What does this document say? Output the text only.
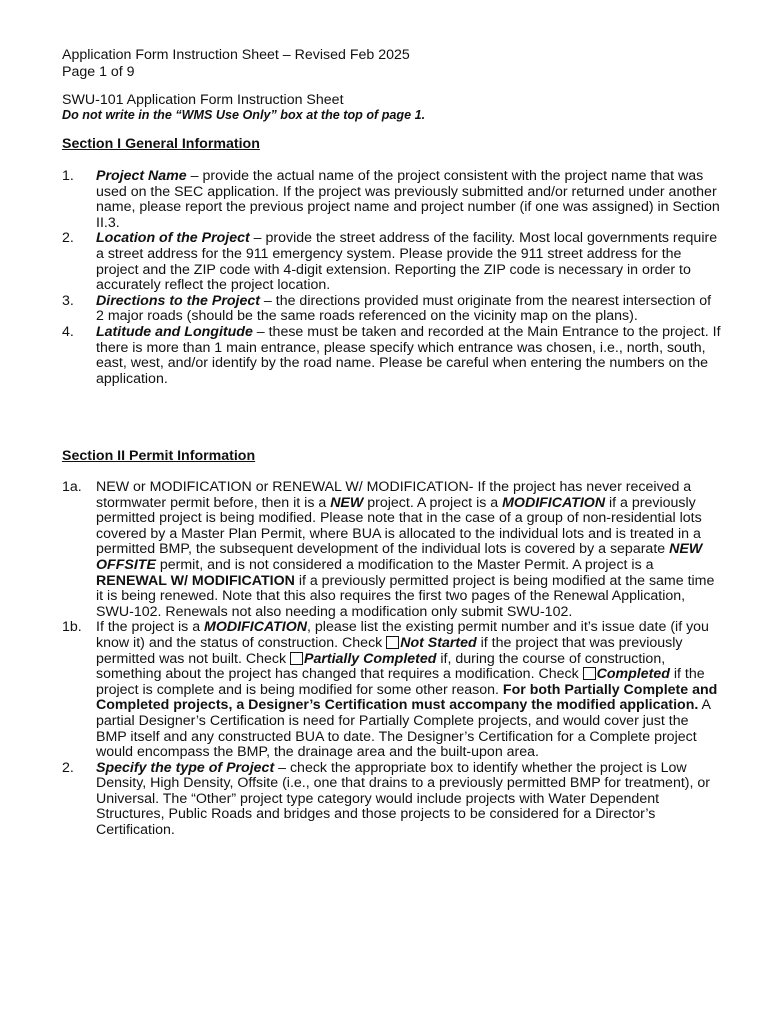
Application Form Instruction Sheet – Revised Feb 2025
Page 1 of 9
SWU-101 Application Form Instruction Sheet
Do not write in the “WMS Use Only” box at the top of page 1.
Section I General Information
1. Project Name – provide the actual name of the project consistent with the project name that was used on the SEC application. If the project was previously submitted and/or returned under another name, please report the previous project name and project number (if one was assigned) in Section II.3.
2. Location of the Project – provide the street address of the facility. Most local governments require a street address for the 911 emergency system. Please provide the 911 street address for the project and the ZIP code with 4-digit extension. Reporting the ZIP code is necessary in order to accurately reflect the project location.
3. Directions to the Project – the directions provided must originate from the nearest intersection of 2 major roads (should be the same roads referenced on the vicinity map on the plans).
4. Latitude and Longitude – these must be taken and recorded at the Main Entrance to the project. If there is more than 1 main entrance, please specify which entrance was chosen, i.e., north, south, east, west, and/or identify by the road name. Please be careful when entering the numbers on the application.
Section II Permit Information
1a. NEW or MODIFICATION or RENEWAL W/ MODIFICATION- If the project has never received a stormwater permit before, then it is a NEW project. A project is a MODIFICATION if a previously permitted project is being modified. Please note that in the case of a group of non-residential lots covered by a Master Plan Permit, where BUA is allocated to the individual lots and is treated in a permitted BMP, the subsequent development of the individual lots is covered by a separate NEW OFFSITE permit, and is not considered a modification to the Master Permit. A project is a RENEWAL W/ MODIFICATION if a previously permitted project is being modified at the same time it is being renewed. Note that this also requires the first two pages of the Renewal Application, SWU-102. Renewals not also needing a modification only submit SWU-102.
1b. If the project is a MODIFICATION, please list the existing permit number and it’s issue date (if you know it) and the status of construction. Check Not Started if the project that was previously permitted was not built. Check Partially Completed if, during the course of construction, something about the project has changed that requires a modification. Check Completed if the project is complete and is being modified for some other reason. For both Partially Complete and Completed projects, a Designer’s Certification must accompany the modified application. A partial Designer’s Certification is need for Partially Complete projects, and would cover just the BMP itself and any constructed BUA to date. The Designer’s Certification for a Complete project would encompass the BMP, the drainage area and the built-upon area.
2. Specify the type of Project – check the appropriate box to identify whether the project is Low Density, High Density, Offsite (i.e., one that drains to a previously permitted BMP for treatment), or Universal. The “Other” project type category would include projects with Water Dependent Structures, Public Roads and bridges and those projects to be considered for a Director’s Certification.
